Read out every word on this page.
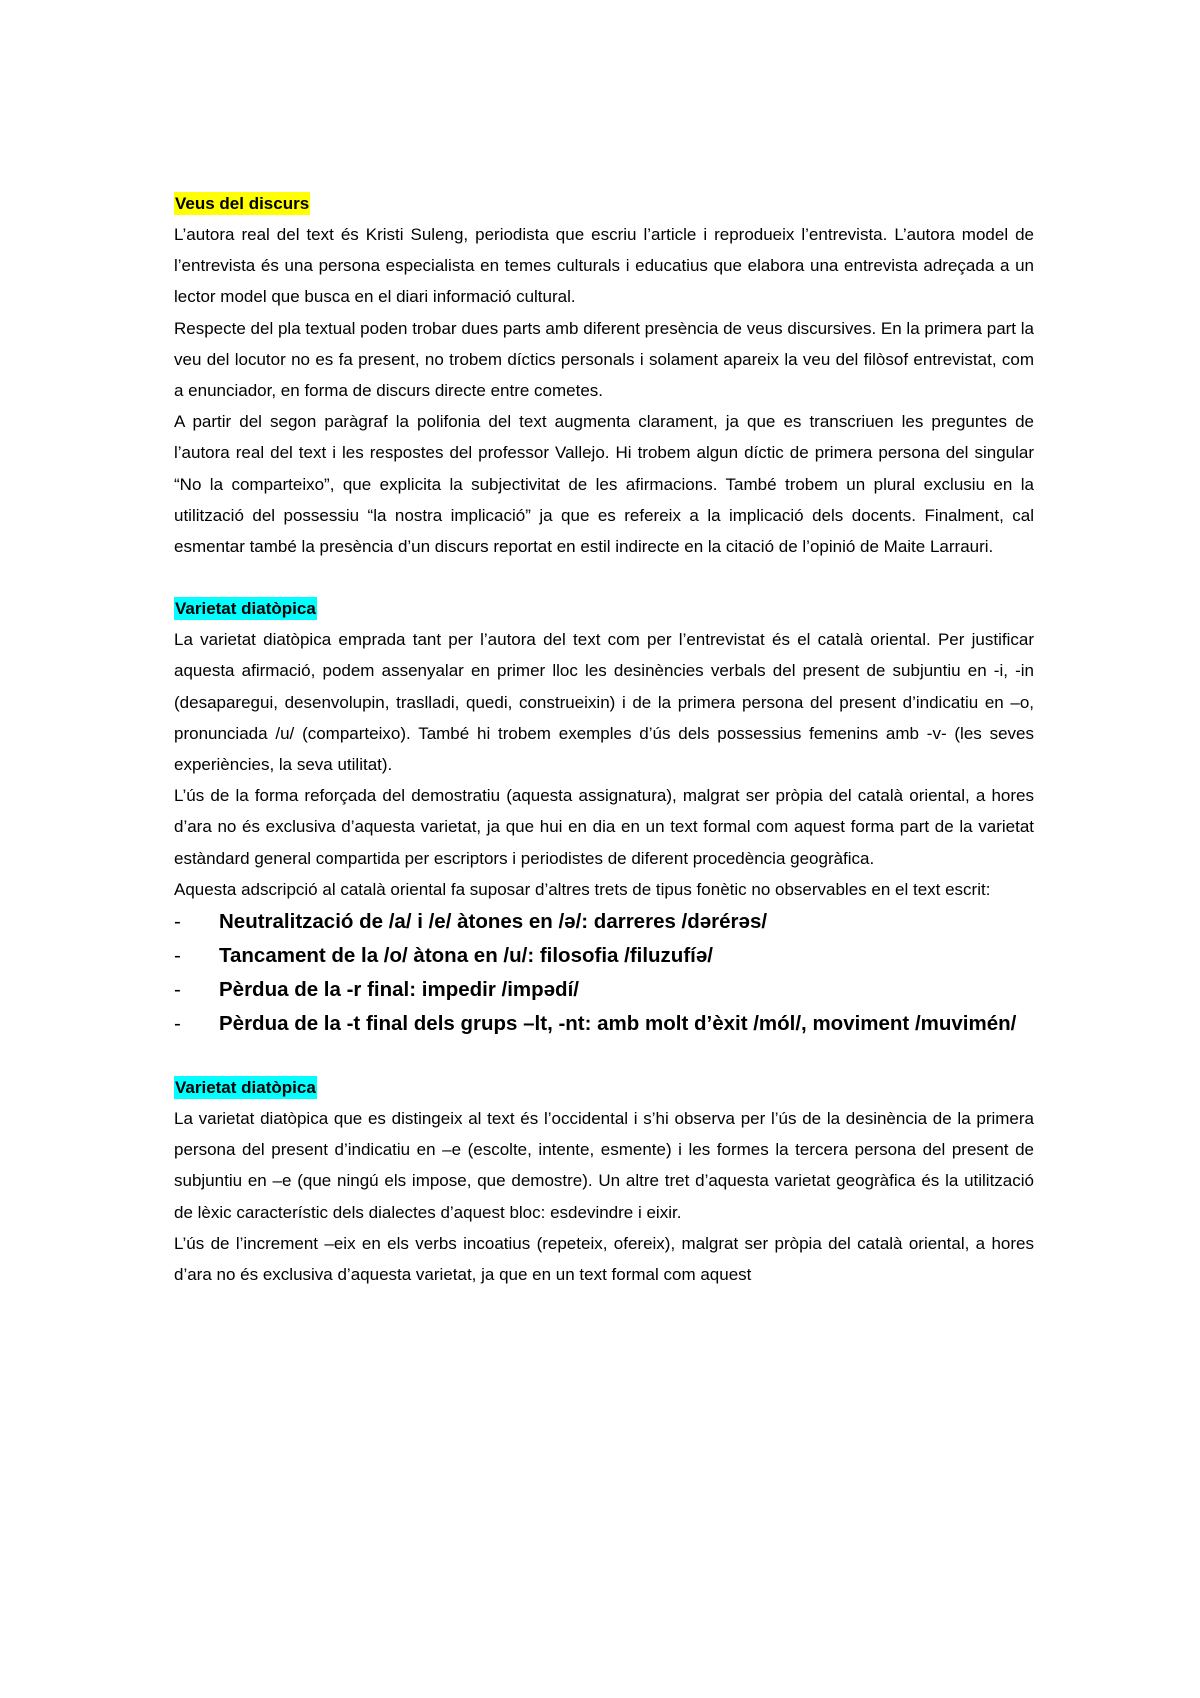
Veus del discurs

L’autora real del text és Kristi Suleng, periodista que escriu l’article i reprodueix l’entrevista. L’autora model de l’entrevista és una persona especialista en temes culturals i educatius que elabora una entrevista adreçada a un lector model que busca en el diari informació cultural.

Respecte del pla textual poden trobar dues parts amb diferent presència de veus discursives. En la primera part la veu del locutor no es fa present, no trobem díctics personals i solament apareix la veu del filòsof entrevistat, com a enunciador, en forma de discurs directe entre cometes.

A partir del segon paràgraf la polifonia del text augmenta clarament, ja que es transcriuen les preguntes de l’autora real del text i les respostes del professor Vallejo. Hi trobem algun díctic de primera persona del singular “No la comparteixo”, que explicita la subjectivitat de les afirmacions. També trobem un plural exclusiu en la utilització del possessiu “la nostra implicació” ja que es refereix a la implicació dels docents. Finalment, cal esmentar també la presència d’un discurs reportat en estil indirecte en la citació de l’opinió de Maite Larrauri.

Varietat diatòpica

La varietat diatòpica emprada tant per l’autora del text com per l’entrevistat és el català oriental. Per justificar aquesta afirmació, podem assenyalar en primer lloc les desinències verbals del present de subjuntiu en -i, -in (desaparegui, desenvolupin, traslladi, quedi, construeixin) i de la primera persona del present d’indicatiu en –o, pronunciada /u/ (comparteixo). També hi trobem exemples d’ús dels possessius femenins amb -v- (les seves experiències, la seva utilitat).

L’ús de la forma reforçada del demostratiu (aquesta assignatura), malgrat ser pròpia del català oriental, a hores d’ara no és exclusiva d’aquesta varietat, ja que hui en dia en un text formal com aquest forma part de la varietat estàndard general compartida per escriptors i periodistes de diferent procedència geogràfica.

Aquesta adscripció al català oriental fa suposar d’altres trets de tipus fonètic no observables en el text escrit:

- Neutralització de /a/ i /e/ àtones en /ə/: darreres /dərérəs/
- Tancament de la /o/ àtona en /u/: filosofia /filuzufíə/
- Pèrdua de la -r final: impedir /impədí/
- Pèrdua de la -t final dels grups –lt, -nt: amb molt d’èxit /mól/, moviment /muvimén/
Varietat diatòpica

La varietat diatòpica que es distingeix al text és l’occidental i s’hi observa per l’ús de la desinència de la primera persona del present d’indicatiu en –e (escolte, intente, esmente) i les formes la tercera persona del present de subjuntiu en –e (que ningú els impose, que demostre). Un altre tret d’aquesta varietat geogràfica és la utilització de lèxic característic dels dialectes d’aquest bloc: esdevindre i eixir.

L’ús de l’increment –eix en els verbs incoatius (repeteix, ofereix), malgrat ser pròpia del català oriental, a hores d’ara no és exclusiva d’aquesta varietat, ja que en un text formal com aquest
